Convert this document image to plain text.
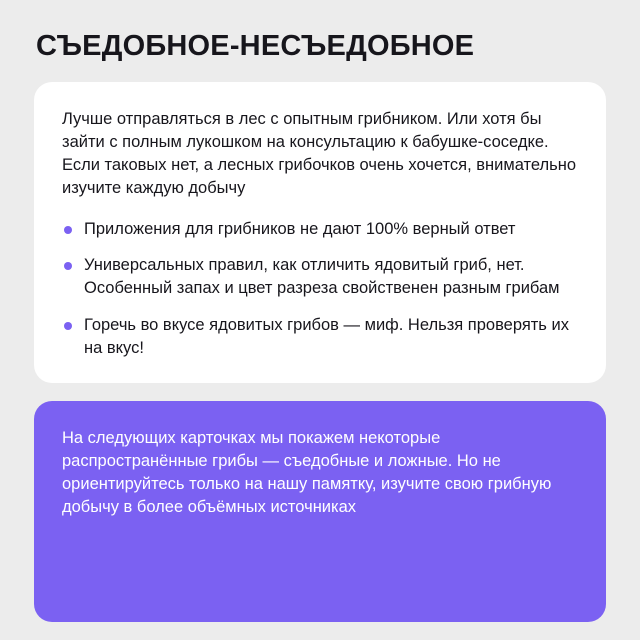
СЪЕДОБНОЕ-НЕСЪЕДОБНОЕ

Лучше отправляться в лес с опытным грибником. Или хотя бы зайти с полным лукошком на консультацию к бабушке-соседке. Если таковых нет, а лесных грибочков очень хочется, внимательно изучите каждую добычу

Приложения для грибников не дают 100% верный ответ
Универсальных правил, как отличить ядовитый гриб, нет. Особенный запах и цвет разреза свойственен разным грибам
Горечь во вкусе ядовитых грибов — миф. Нельзя проверять их на вкус!

На следующих карточках мы покажем некоторые распространённые грибы — съедобные и ложные. Но не ориентируйтесь только на нашу памятку, изучите свою грибную добычу в более объёмных источниках
